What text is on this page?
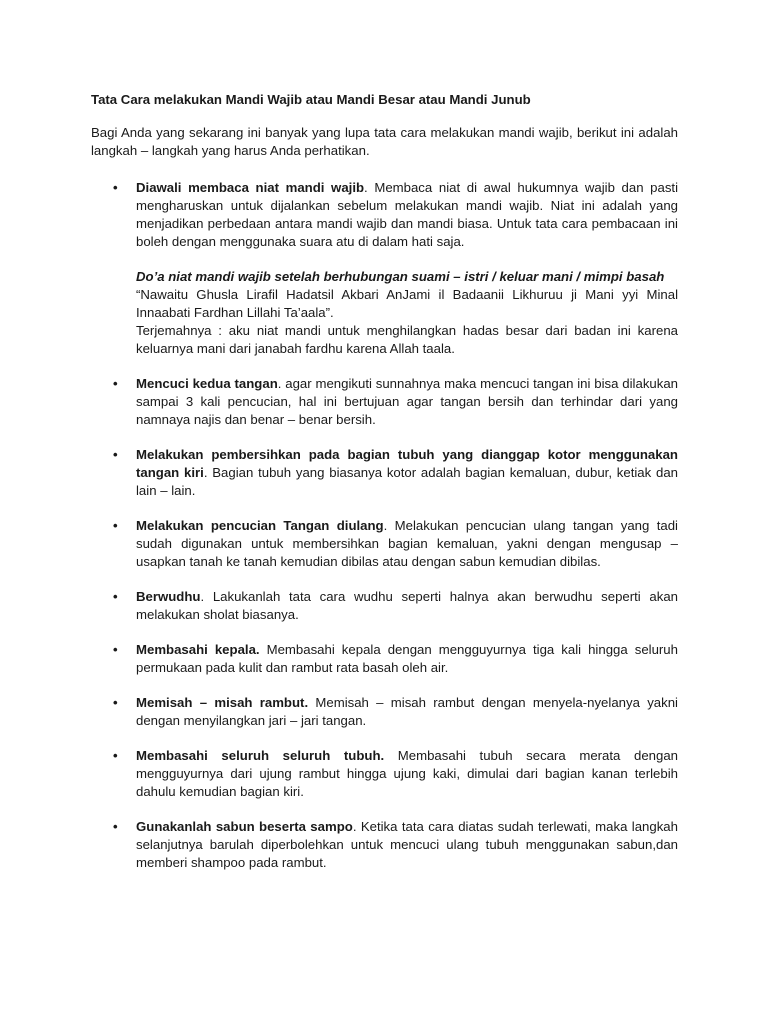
Tata Cara melakukan Mandi Wajib atau Mandi Besar atau Mandi Junub

Bagi Anda yang sekarang ini banyak yang lupa tata cara melakukan mandi wajib, berikut ini adalah langkah – langkah yang harus Anda perhatikan.

• Diawali membaca niat mandi wajib. Membaca niat di awal hukumnya wajib dan pasti mengharuskan untuk dijalankan sebelum melakukan mandi wajib. Niat ini adalah yang menjadikan perbedaan antara mandi wajib dan mandi biasa. Untuk tata cara pembacaan ini boleh dengan menggunaka suara atu di dalam hati saja.

Do’a niat mandi wajib setelah berhubungan suami – istri / keluar mani / mimpi basah

“Nawaitu Ghusla Lirafil Hadatsil Akbari AnJami il Badaanii Likhuruu ji Mani yyi Minal Innaabati Fardhan Lillahi Ta’aala”.

Terjemahnya : aku niat mandi untuk menghilangkan hadas besar dari badan ini karena keluarnya mani dari janabah fardhu karena Allah taala.

• Mencuci kedua tangan. agar mengikuti sunnahnya maka mencuci tangan ini bisa dilakukan sampai 3 kali pencucian, hal ini bertujuan agar tangan bersih dan terhindar dari yang namnaya najis dan benar – benar bersih.
• Melakukan pembersihkan pada bagian tubuh yang dianggap kotor menggunakan tangan kiri. Bagian tubuh yang biasanya kotor adalah bagian kemaluan, dubur, ketiak dan lain – lain.
• Melakukan pencucian Tangan diulang. Melakukan pencucian ulang tangan yang tadi sudah digunakan untuk membersihkan bagian kemaluan, yakni dengan mengusap – usapkan tanah ke tanah kemudian dibilas atau dengan sabun kemudian dibilas.
• Berwudhu. Lakukanlah tata cara wudhu seperti halnya akan berwudhu seperti akan melakukan sholat biasanya.
• Membasahi kepala. Membasahi kepala dengan mengguyurnya tiga kali hingga seluruh permukaan pada kulit dan rambut rata basah oleh air.
• Memisah – misah rambut. Memisah – misah rambut dengan menyela-nyelanya yakni dengan menyilangkan jari – jari tangan.
• Membasahi seluruh seluruh tubuh. Membasahi tubuh secara merata dengan mengguyurnya dari ujung rambut hingga ujung kaki, dimulai dari bagian kanan terlebih dahulu kemudian bagian kiri.
• Gunakanlah sabun beserta sampo. Ketika tata cara diatas sudah terlewati, maka langkah selanjutnya barulah diperbolehkan untuk mencuci ulang tubuh menggunakan sabun,dan memberi shampoo pada rambut.
